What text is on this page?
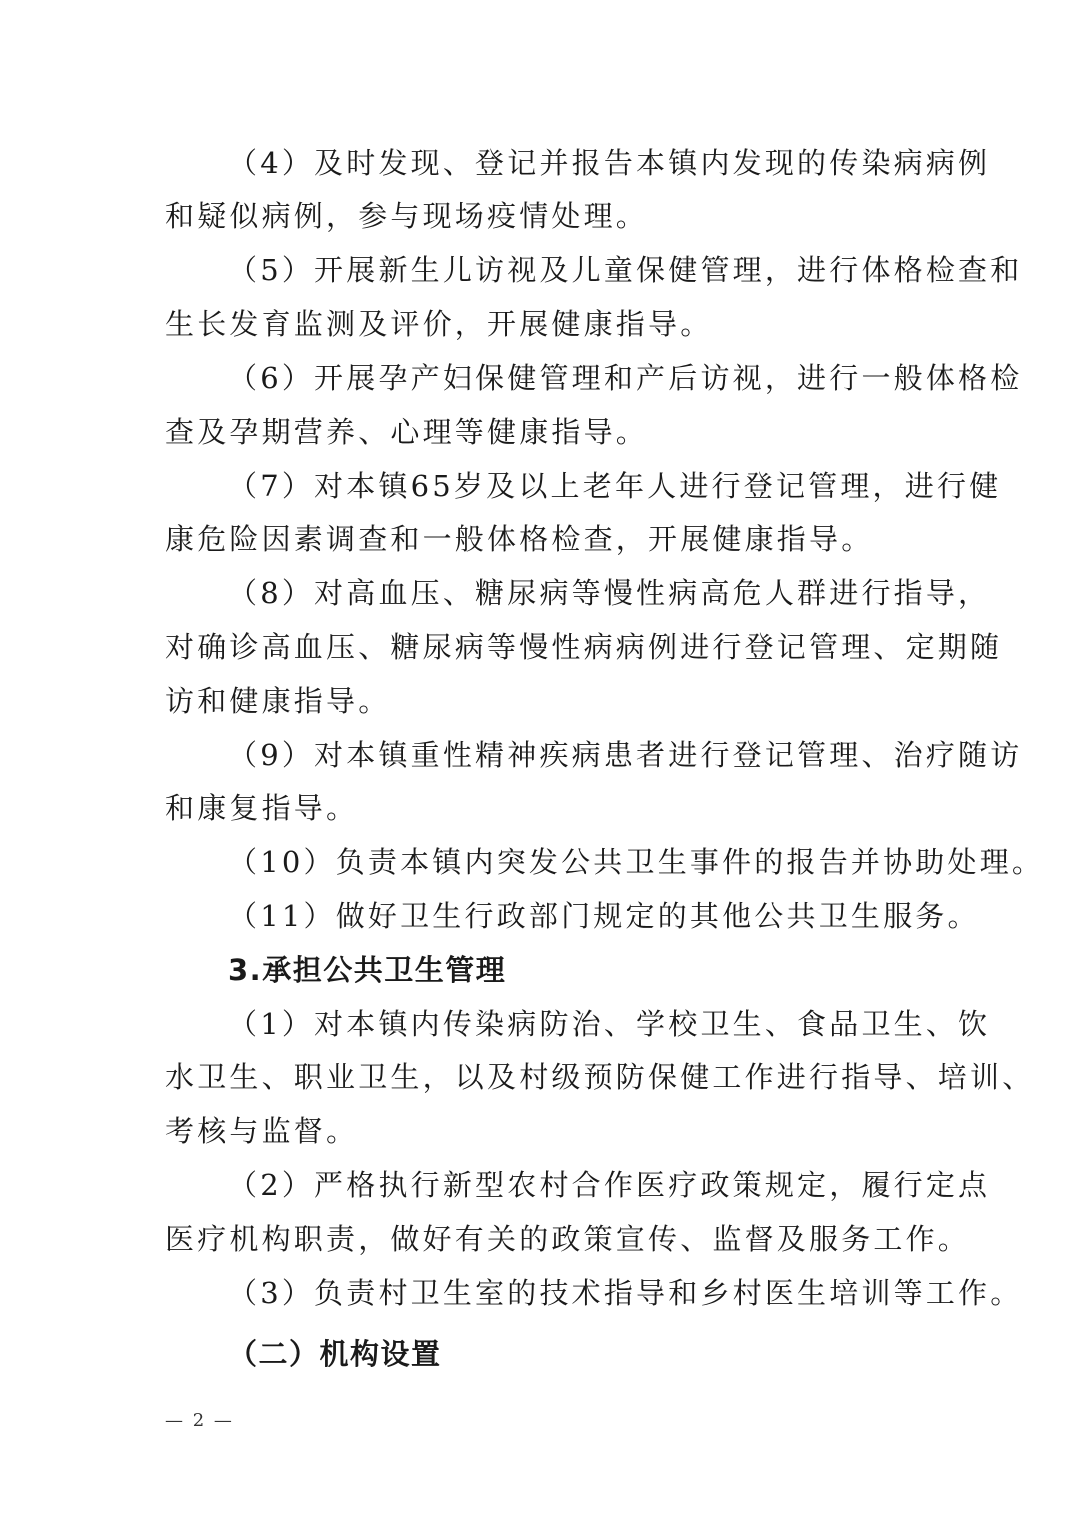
（4）及时发现、登记并报告本镇内发现的传染病病例
和疑似病例，参与现场疫情处理。
（5）开展新生儿访视及儿童保健管理，进行体格检查和
生长发育监测及评价，开展健康指导。
（6）开展孕产妇保健管理和产后访视，进行一般体格检
查及孕期营养、心理等健康指导。
（7）对本镇65岁及以上老年人进行登记管理，进行健
康危险因素调查和一般体格检查，开展健康指导。
（8）对高血压、糖尿病等慢性病高危人群进行指导，
对确诊高血压、糖尿病等慢性病病例进行登记管理、定期随
访和健康指导。
（9）对本镇重性精神疾病患者进行登记管理、治疗随访
和康复指导。
（10）负责本镇内突发公共卫生事件的报告并协助处理。
（11）做好卫生行政部门规定的其他公共卫生服务。
3.承担公共卫生管理
（1）对本镇内传染病防治、学校卫生、食品卫生、饮
水卫生、职业卫生，以及村级预防保健工作进行指导、培训、
考核与监督。
（2）严格执行新型农村合作医疗政策规定，履行定点
医疗机构职责，做好有关的政策宣传、监督及服务工作。
（3）负责村卫生室的技术指导和乡村医生培训等工作。
（二）机构设置
— 2 —
